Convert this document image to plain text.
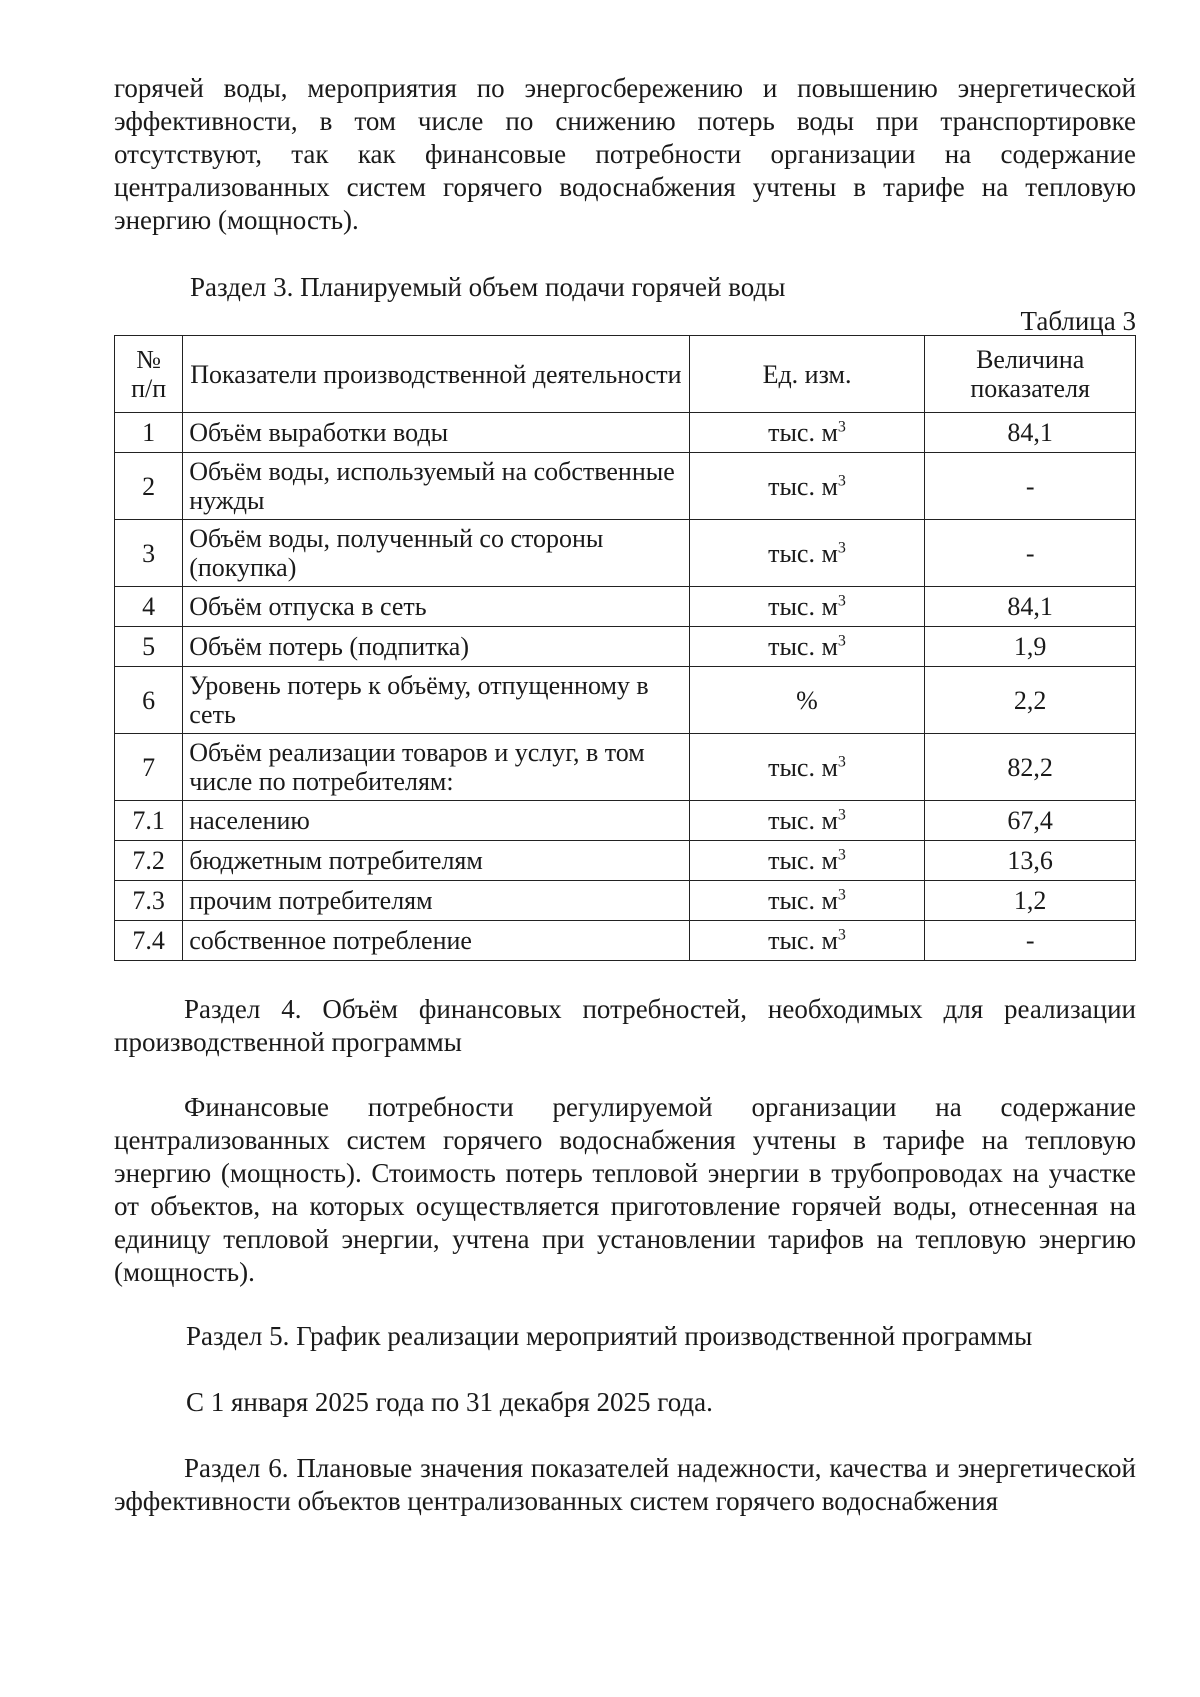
горячей воды, мероприятия по энергосбережению и повышению энергетической эффективности, в том числе по снижению потерь воды при транспортировке отсутствуют, так как финансовые потребности организации на содержание централизованных систем горячего водоснабжения учтены в тарифе на тепловую энергию (мощность).

Раздел 3. Планируемый объем подачи горячей воды

Таблица 3

№
п/п	Показатели производственной деятельности	Ед. изм.	Величина показателя
1	Объём выработки воды	тыс. $м^3$	84,1
2	Объём воды, используемый на собственные нужды	тыс. $м^3$	-
3	Объём воды, полученный со стороны (покупка)	тыс. $м^3$	-
4	Объём отпуска в сеть	тыс. $м^3$	84,1
5	Объём потерь (подпитка)	тыс. $м^3$	1,9
6	Уровень потерь к объёму, отпущенному в сеть	%	2,2
7	Объём реализации товаров и услуг, в том числе по потребителям:	тыс. $м^3$	82,2
7.1	населению	тыс. $м^3$	67,4
7.2	бюджетным потребителям	тыс. $м^3$	13,6
7.3	прочим потребителям	тыс. $м^3$	1,2
7.4	собственное потребление	тыс. $м^3$	-

Раздел 4. Объём финансовых потребностей, необходимых для реализации производственной программы

Финансовые потребности регулируемой организации на содержание централизованных систем горячего водоснабжения учтены в тарифе на тепловую энергию (мощность). Стоимость потерь тепловой энергии в трубопроводах на участке от объектов, на которых осуществляется приготовление горячей воды, отнесенная на единицу тепловой энергии, учтена при установлении тарифов на тепловую энергию (мощность).

Раздел 5. График реализации мероприятий производственной программы

С 1 января 2025 года по 31 декабря 2025 года.

Раздел 6. Плановые значения показателей надежности, качества и энергетической эффективности объектов централизованных систем горячего водоснабжения
